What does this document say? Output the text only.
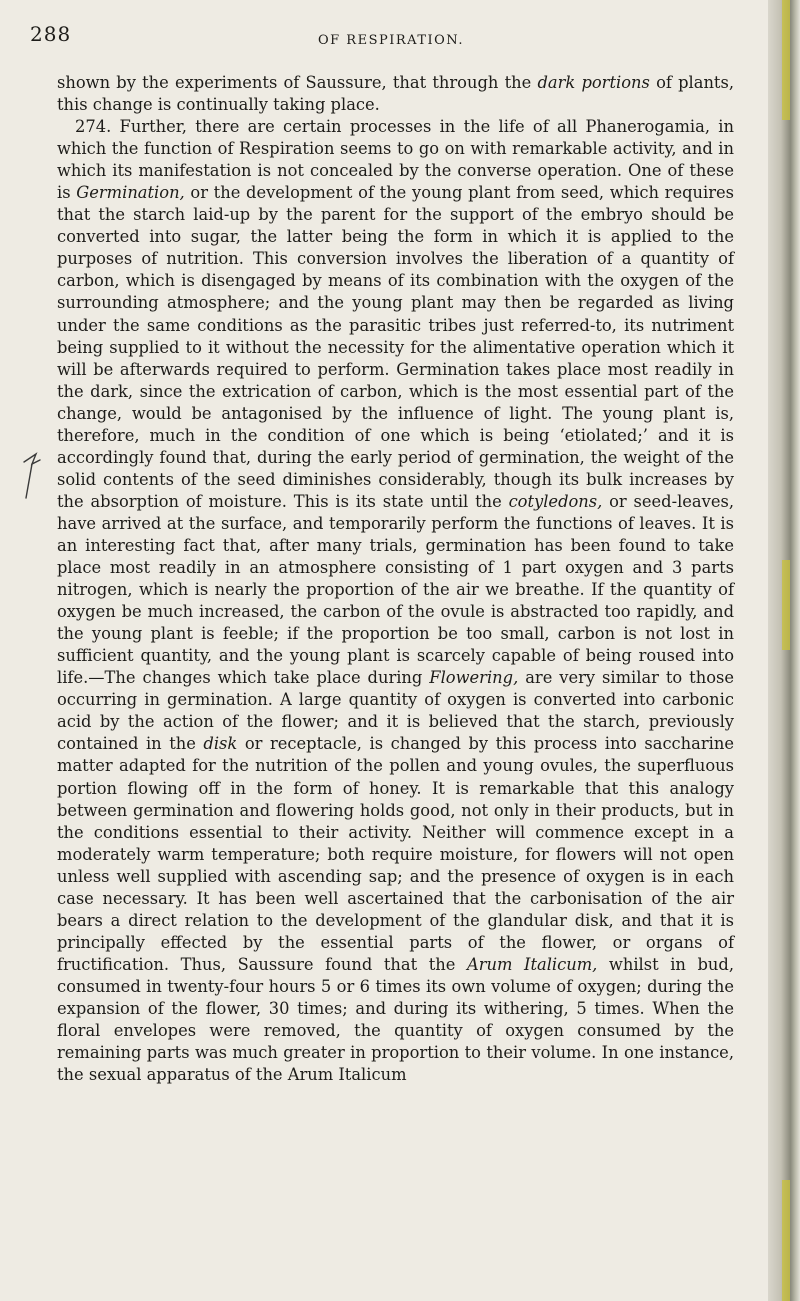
288	OF RESPIRATION.

shown by the experiments of Saussure, that through the dark portions of plants, this change is continually taking place.

274. Further, there are certain processes in the life of all Phanerogamia, in which the function of Respiration seems to go on with remarkable activity, and in which its manifestation is not concealed by the converse operation. One of these is Germination, or the development of the young plant from seed, which requires that the starch laid-up by the parent for the support of the embryo should be converted into sugar, the latter being the form in which it is applied to the purposes of nutrition. This conversion involves the liberation of a quantity of carbon, which is disengaged by means of its combination with the oxygen of the surrounding atmosphere; and the young plant may then be regarded as living under the same conditions as the parasitic tribes just referred-to, its nutriment being supplied to it without the necessity for the alimentative operation which it will be afterwards required to perform. Germination takes place most readily in the dark, since the extrication of carbon, which is the most essential part of the change, would be antagonised by the influence of light. The young plant is, therefore, much in the condition of one which is being ‘etiolated;’ and it is accordingly found that, during the early period of germination, the weight of the solid contents of the seed diminishes considerably, though its bulk increases by the absorption of moisture. This is its state until the cotyledons, or seed-leaves, have arrived at the surface, and temporarily perform the functions of leaves. It is an interesting fact that, after many trials, germination has been found to take place most readily in an atmosphere consisting of 1 part oxygen and 3 parts nitrogen, which is nearly the proportion of the air we breathe. If the quantity of oxygen be much increased, the carbon of the ovule is abstracted too rapidly, and the young plant is feeble; if the proportion be too small, carbon is not lost in sufficient quantity, and the young plant is scarcely capable of being roused into life.—The changes which take place during Flowering, are very similar to those occurring in germination. A large quantity of oxygen is converted into carbonic acid by the action of the flower; and it is believed that the starch, previously contained in the disk or receptacle, is changed by this process into saccharine matter adapted for the nutrition of the pollen and young ovules, the superfluous portion flowing off in the form of honey. It is remarkable that this analogy between germination and flowering holds good, not only in their products, but in the conditions essential to their activity. Neither will commence except in a moderately warm temperature; both require moisture, for flowers will not open unless well supplied with ascending sap; and the presence of oxygen is in each case necessary. It has been well ascertained that the carbonisation of the air bears a direct relation to the development of the glandular disk, and that it is principally effected by the essential parts of the flower, or organs of fructification. Thus, Saussure found that the Arum Italicum, whilst in bud, consumed in twenty-four hours 5 or 6 times its own volume of oxygen; during the expansion of the flower, 30 times; and during its withering, 5 times. When the floral envelopes were removed, the quantity of oxygen consumed by the remaining parts was much greater in proportion to their volume. In one instance, the sexual apparatus of the Arum Italicum
